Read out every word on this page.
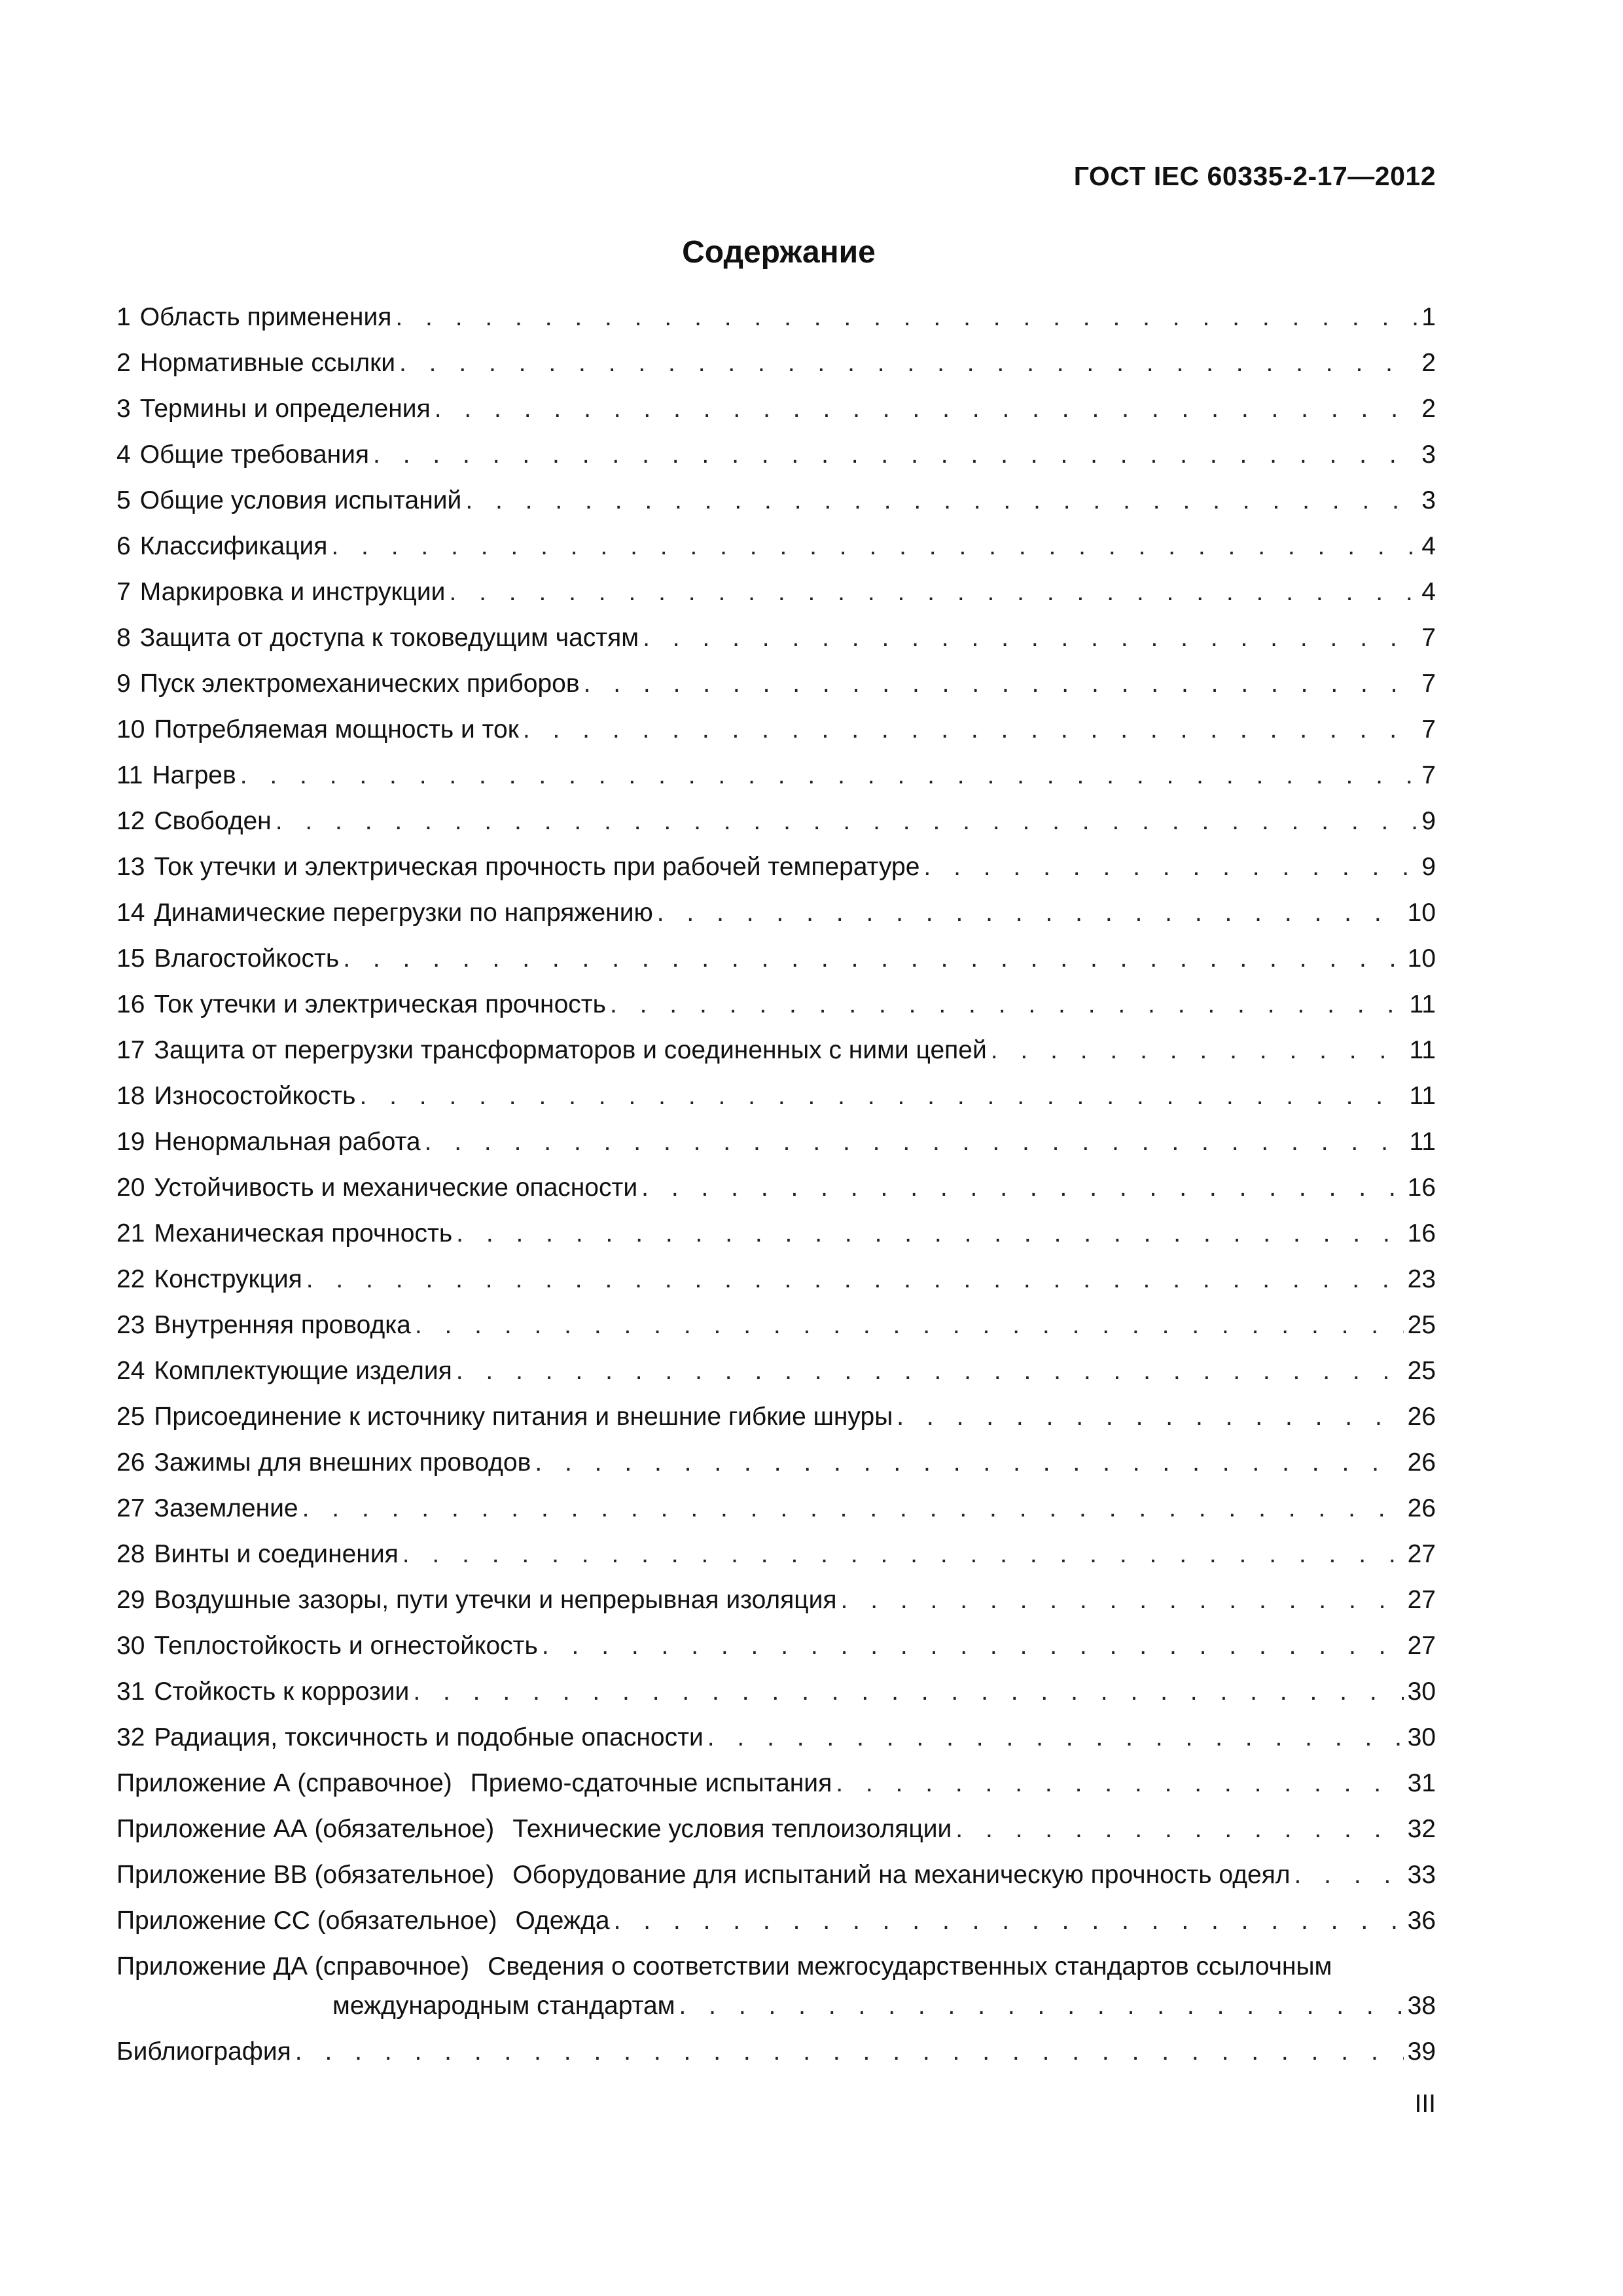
ГОСТ IEC 60335-2-17—2012
Содержание
1 Область применения . . .	1
2 Нормативные ссылки . . .	2
3 Термины и определения . . .	2
4 Общие требования . . .	3
5 Общие условия испытаний . . .	3
6 Классификация . . .	4
7 Маркировка и инструкции . . .	4
8 Защита от доступа к токоведущим частям . . .	7
9 Пуск электромеханических приборов . . .	7
10 Потребляемая мощность и ток . . .	7
11 Нагрев . . .	7
12 Свободен . . .	9
13 Ток утечки и электрическая прочность при рабочей температуре . . .	9
14 Динамические перегрузки по напряжению . . .	10
15 Влагостойкость . . .	10
16 Ток утечки и электрическая прочность . . .	11
17 Защита от перегрузки трансформаторов и соединенных с ними цепей . . .	11
18 Износостойкость . . .	11
19 Ненормальная работа . . .	11
20 Устойчивость и механические опасности . . .	16
21 Механическая прочность . . .	16
22 Конструкция . . .	23
23 Внутренняя проводка . . .	25
24 Комплектующие изделия . . .	25
25 Присоединение к источнику питания и внешние гибкие шнуры . . .	26
26 Зажимы для внешних проводов . . .	26
27 Заземление . . .	26
28 Винты и соединения . . .	27
29 Воздушные зазоры, пути утечки и непрерывная изоляция . . .	27
30 Теплостойкость и огнестойкость . . .	27
31 Стойкость к коррозии . . .	30
32 Радиация, токсичность и подобные опасности . . .	30
Приложение А (справочное) Приемо-сдаточные испытания . . .	31
Приложение АА (обязательное) Технические условия теплоизоляции . . .	32
Приложение ВВ (обязательное) Оборудование для испытаний на механическую прочность одеял . . .	33
Приложение СС (обязательное) Одежда . . .	36
Приложение ДА (справочное) Сведения о соответствии межгосударственных стандартов ссылочным
международным стандартам . . .	38
Библиография . . .	39
III
